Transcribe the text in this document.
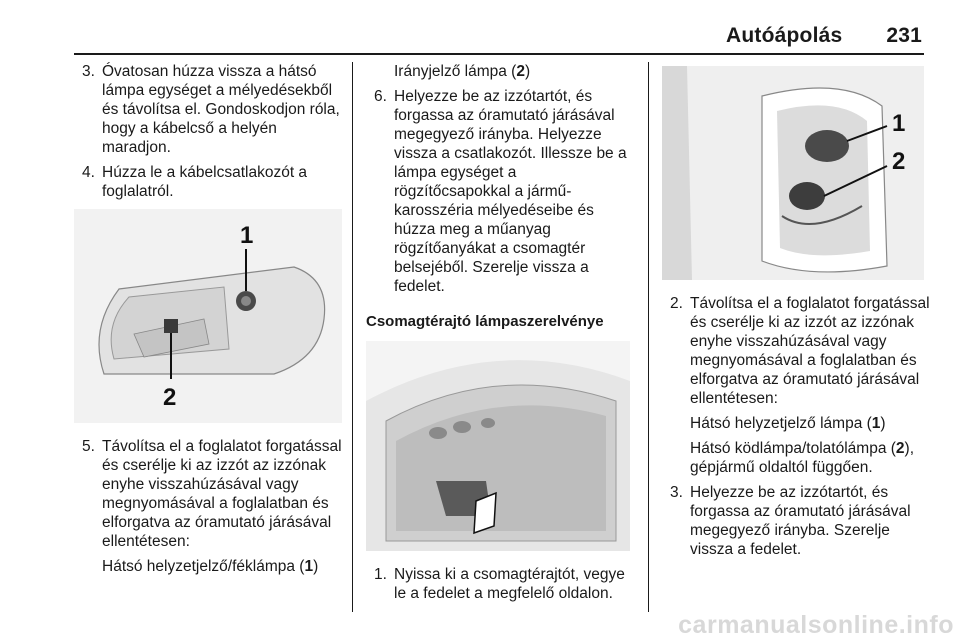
Autóápolás 231
3. Óvatosan húzza vissza a hátsó lámpa egységet a mélyedésekből és távolítsa el. Gondoskodjon róla, hogy a kábelcső a helyén maradjon.
4. Húzza le a kábelcsatlakozót a foglalatról.
1
2
5. Távolítsa el a foglalatot forgatással és cserélje ki az izzót az izzónak enyhe visszahúzásával vagy megnyomásával a foglalatban és elforgatva az óramutató járásával ellentétesen:
Hátsó helyzetjelző/féklámpa (1)
Irányjelző lámpa (2)
6. Helyezze be az izzótartót, és forgassa az óramutató járásával megegyező irányba. Helyezze vissza a csatlakozót. Illessze be a lámpa egységet a rögzítőcsapokkal a jármű-karosszéria mélyedéseibe és húzza meg a műanyag rögzítőanyákat a csomagtér belsejéből. Szerelje vissza a fedelet.
Csomagtérajtó lámpaszerelvénye
1. Nyissa ki a csomagtérajtót, vegye le a fedelet a megfelelő oldalon.
1
2
2. Távolítsa el a foglalatot forgatással és cserélje ki az izzót az izzónak enyhe visszahúzásával vagy megnyomásával a foglalatban és elforgatva az óramutató járásával ellentétesen:
Hátsó helyzetjelző lámpa (1)
Hátsó ködlámpa/tolatólámpa (2), gépjármű oldaltól függően.
3. Helyezze be az izzótartót, és forgassa az óramutató járásával megegyező irányba. Szerelje vissza a fedelet.
carmanualsonline.info
